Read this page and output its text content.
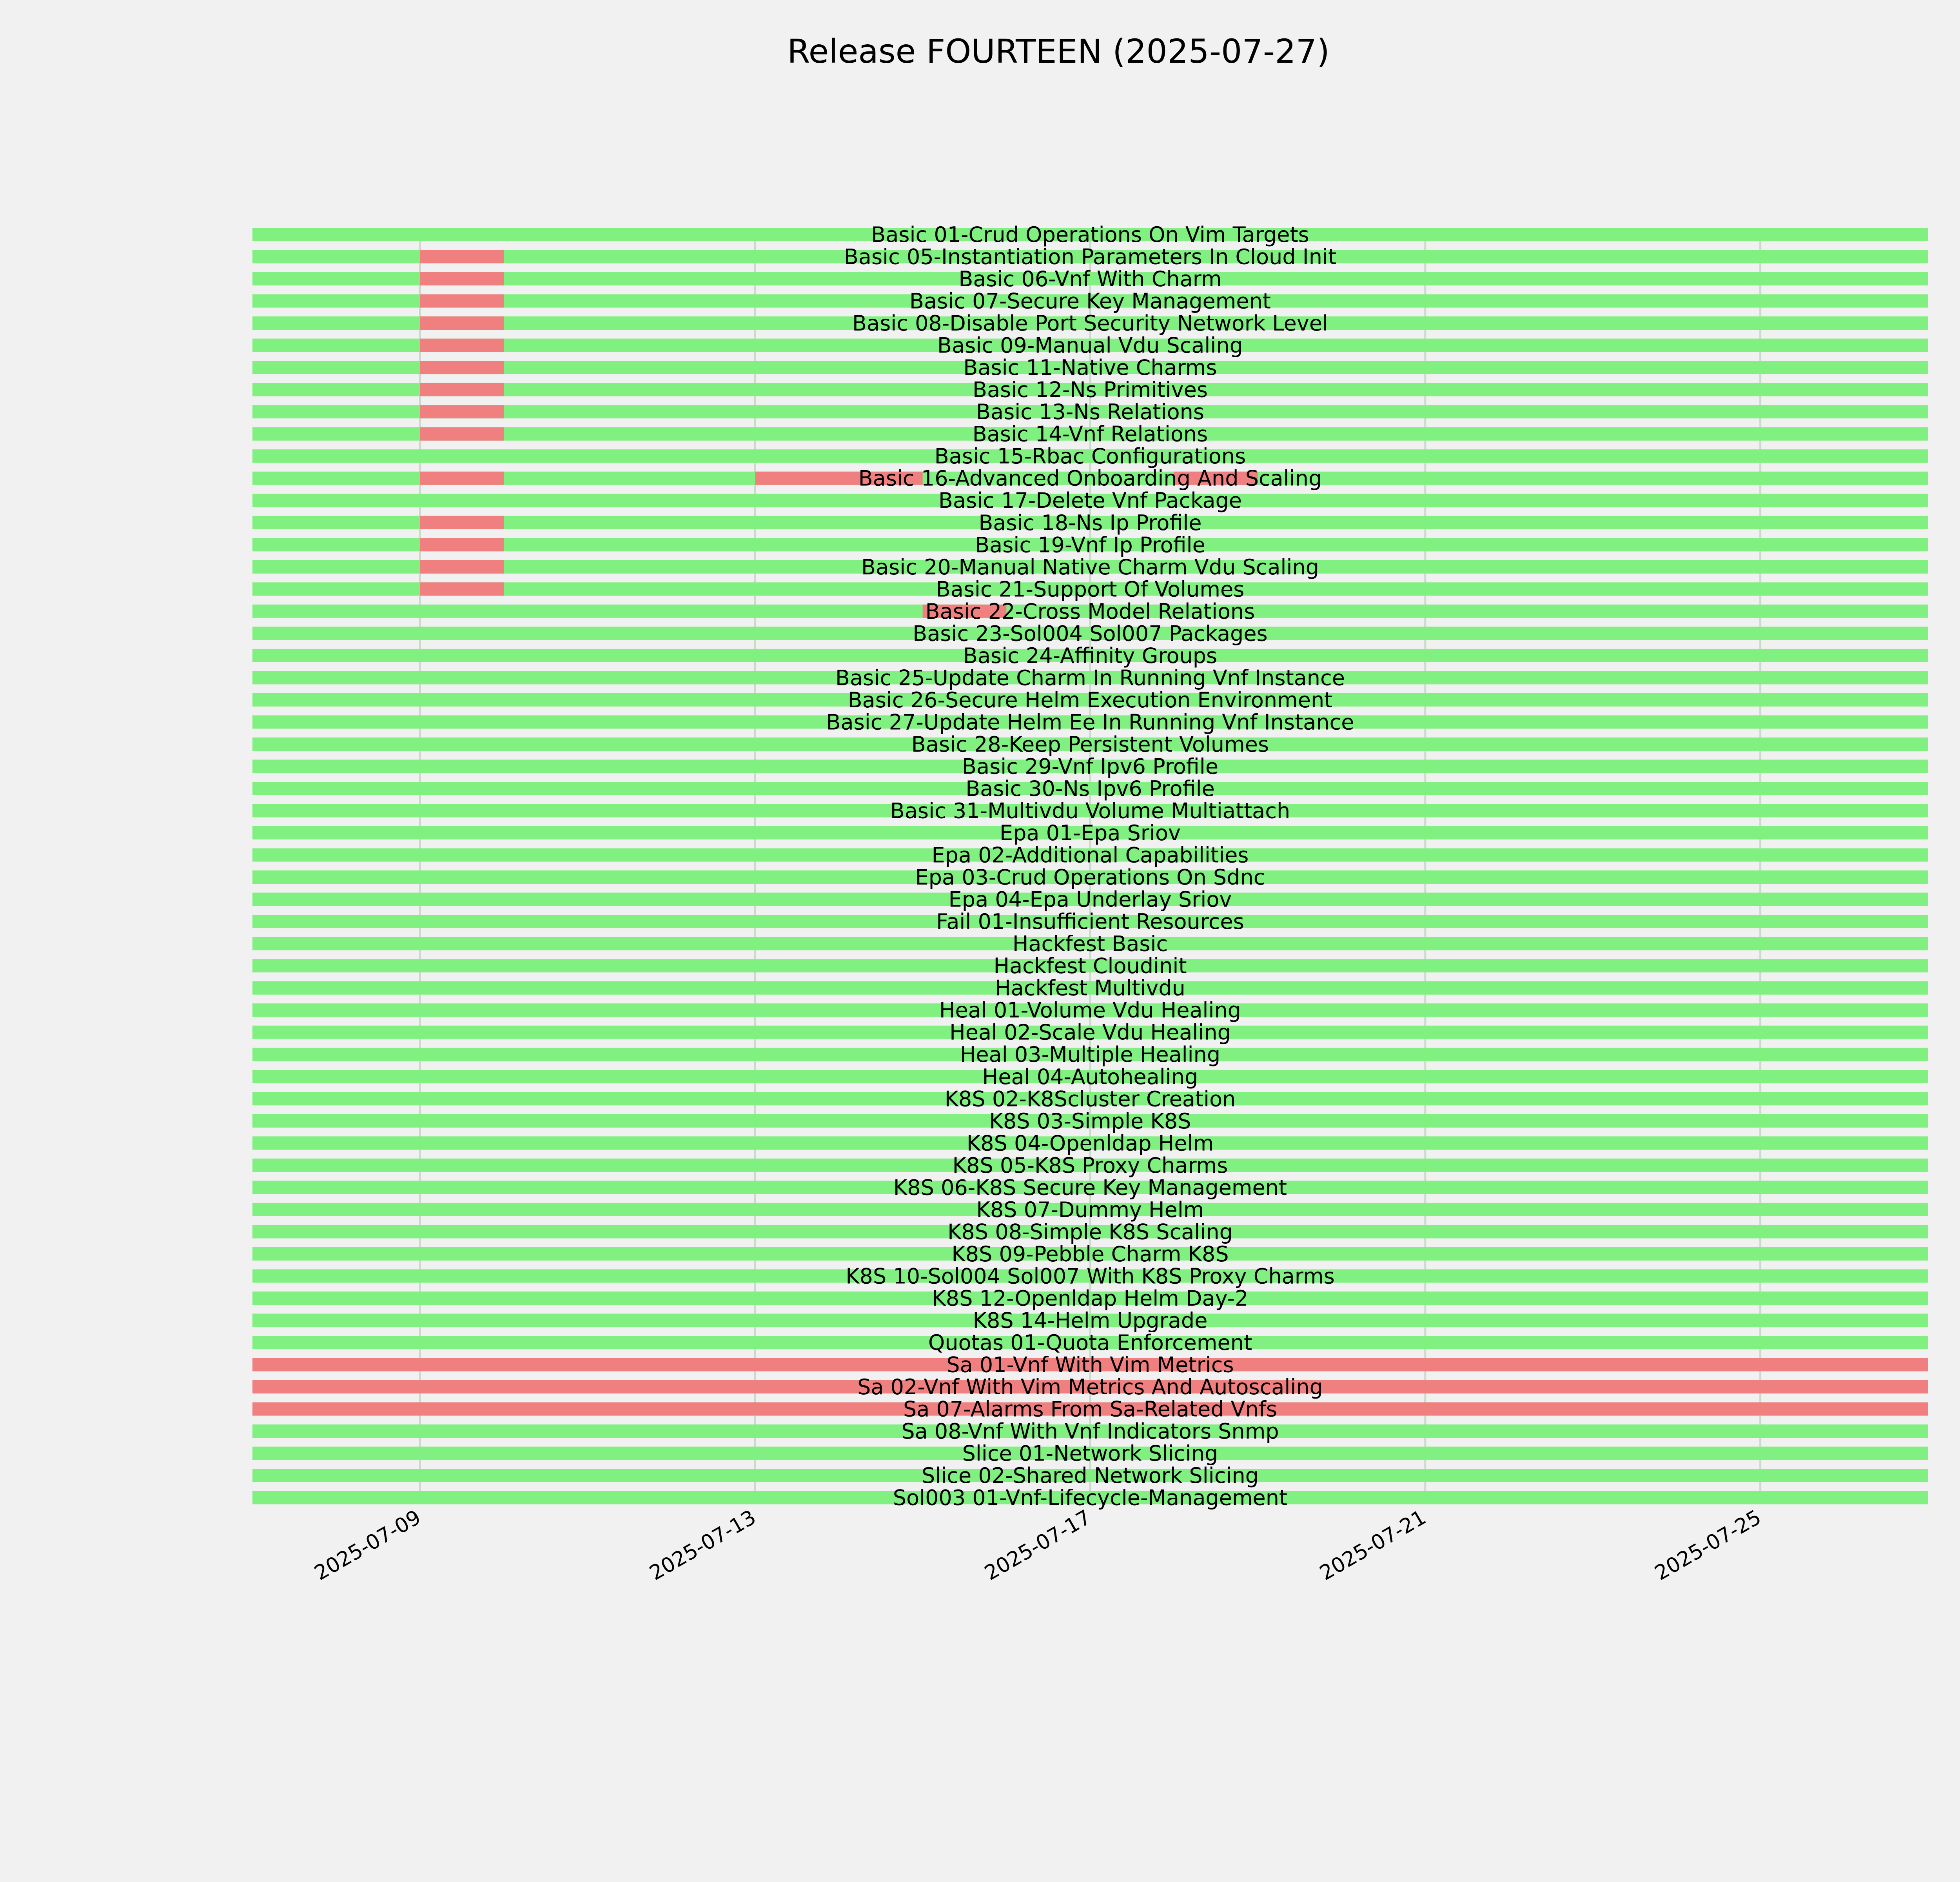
Release FOURTEEN (2025-07-27)
Basic 01-Crud Operations On Vim Targets
Basic 05-Instantiation Parameters In Cloud Init
Basic 06-Vnf With Charm
Basic 07-Secure Key Management
Basic 08-Disable Port Security Network Level
Basic 09-Manual Vdu Scaling
Basic 11-Native Charms
Basic 12-Ns Primitives
Basic 13-Ns Relations
Basic 14-Vnf Relations
Basic 15-Rbac Configurations
Basic 16-Advanced Onboarding And Scaling
Basic 17-Delete Vnf Package
Basic 18-Ns Ip Profile
Basic 19-Vnf Ip Profile
Basic 20-Manual Native Charm Vdu Scaling
Basic 21-Support Of Volumes
Basic 22-Cross Model Relations
Basic 23-Sol004 Sol007 Packages
Basic 24-Affinity Groups
Basic 25-Update Charm In Running Vnf Instance
Basic 26-Secure Helm Execution Environment
Basic 27-Update Helm Ee In Running Vnf Instance
Basic 28-Keep Persistent Volumes
Basic 29-Vnf Ipv6 Profile
Basic 30-Ns Ipv6 Profile
Basic 31-Multivdu Volume Multiattach
Epa 01-Epa Sriov
Epa 02-Additional Capabilities
Epa 03-Crud Operations On Sdnc
Epa 04-Epa Underlay Sriov
Fail 01-Insufficient Resources
Hackfest Basic
Hackfest Cloudinit
Hackfest Multivdu
Heal 01-Volume Vdu Healing
Heal 02-Scale Vdu Healing
Heal 03-Multiple Healing
Heal 04-Autohealing
K8S 02-K8Scluster Creation
K8S 03-Simple K8S
K8S 04-Openldap Helm
K8S 05-K8S Proxy Charms
K8S 06-K8S Secure Key Management
K8S 07-Dummy Helm
K8S 08-Simple K8S Scaling
K8S 09-Pebble Charm K8S
K8S 10-Sol004 Sol007 With K8S Proxy Charms
K8S 12-Openldap Helm Day-2
K8S 14-Helm Upgrade
Quotas 01-Quota Enforcement
Sa 01-Vnf With Vim Metrics
Sa 02-Vnf With Vim Metrics And Autoscaling
Sa 07-Alarms From Sa-Related Vnfs
Sa 08-Vnf With Vnf Indicators Snmp
Slice 01-Network Slicing
Slice 02-Shared Network Slicing
Sol003 01-Vnf-Lifecycle-Management
2025-07-09	2025-07-13	2025-07-17	2025-07-21	2025-07-25
